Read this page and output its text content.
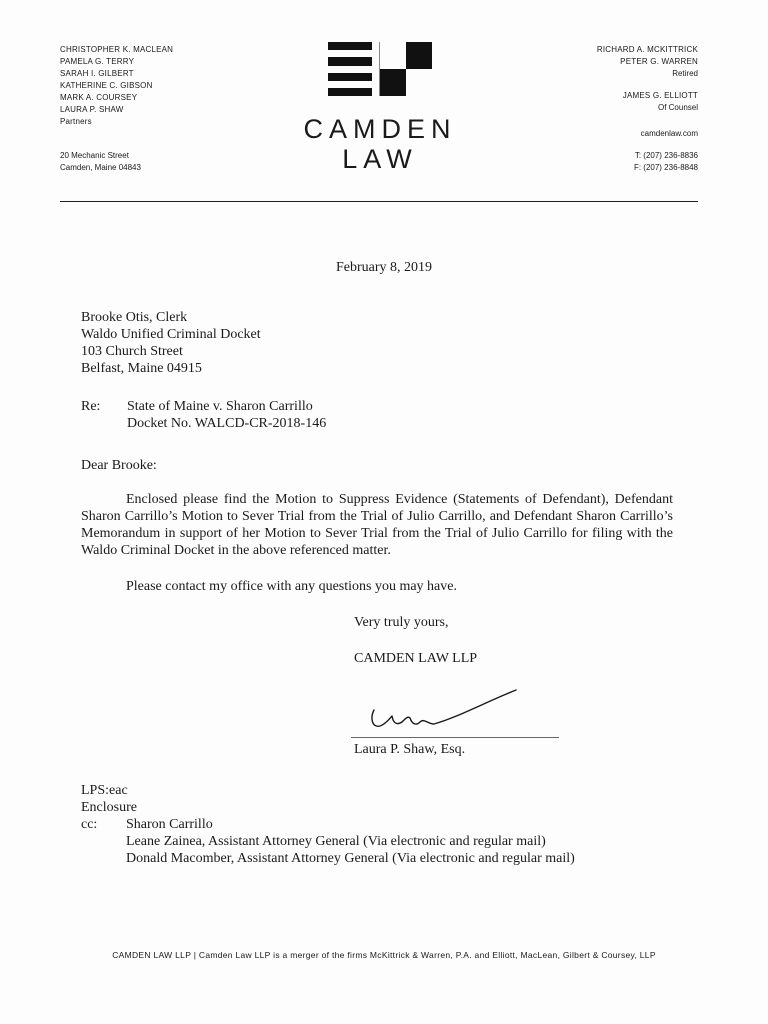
CHRISTOPHER K. MACLEAN
PAMELA G. TERRY
SARAH I. GILBERT
KATHERINE C. GIBSON
MARK A. COURSEY
LAURA P. SHAW
Partners
20 Mechanic Street
Camden, Maine 04843
CAMDEN
LAW
RICHARD A. MCKITTRICK
PETER G. WARREN
Retired
JAMES G. ELLIOTT
Of Counsel
camdenlaw.com
T: (207) 236-8836
F: (207) 236-8848
February 8, 2019
Brooke Otis, Clerk
Waldo Unified Criminal Docket
103 Church Street
Belfast, Maine 04915
Re: State of Maine v. Sharon Carrillo
Docket No. WALCD-CR-2018-146
Dear Brooke:
Enclosed please find the Motion to Suppress Evidence (Statements of Defendant), Defendant Sharon Carrillo’s Motion to Sever Trial from the Trial of Julio Carrillo, and Defendant Sharon Carrillo’s Memorandum in support of her Motion to Sever Trial from the Trial of Julio Carrillo for filing with the Waldo Criminal Docket in the above referenced matter.
Please contact my office with any questions you may have.
Very truly yours,
CAMDEN LAW LLP
Laura P. Shaw, Esq.
LPS:eac
Enclosure
cc: Sharon Carrillo
Leane Zainea, Assistant Attorney General (Via electronic and regular mail)
Donald Macomber, Assistant Attorney General (Via electronic and regular mail)
CAMDEN LAW LLP | Camden Law LLP is a merger of the firms McKittrick & Warren, P.A. and Elliott, MacLean, Gilbert & Coursey, LLP
